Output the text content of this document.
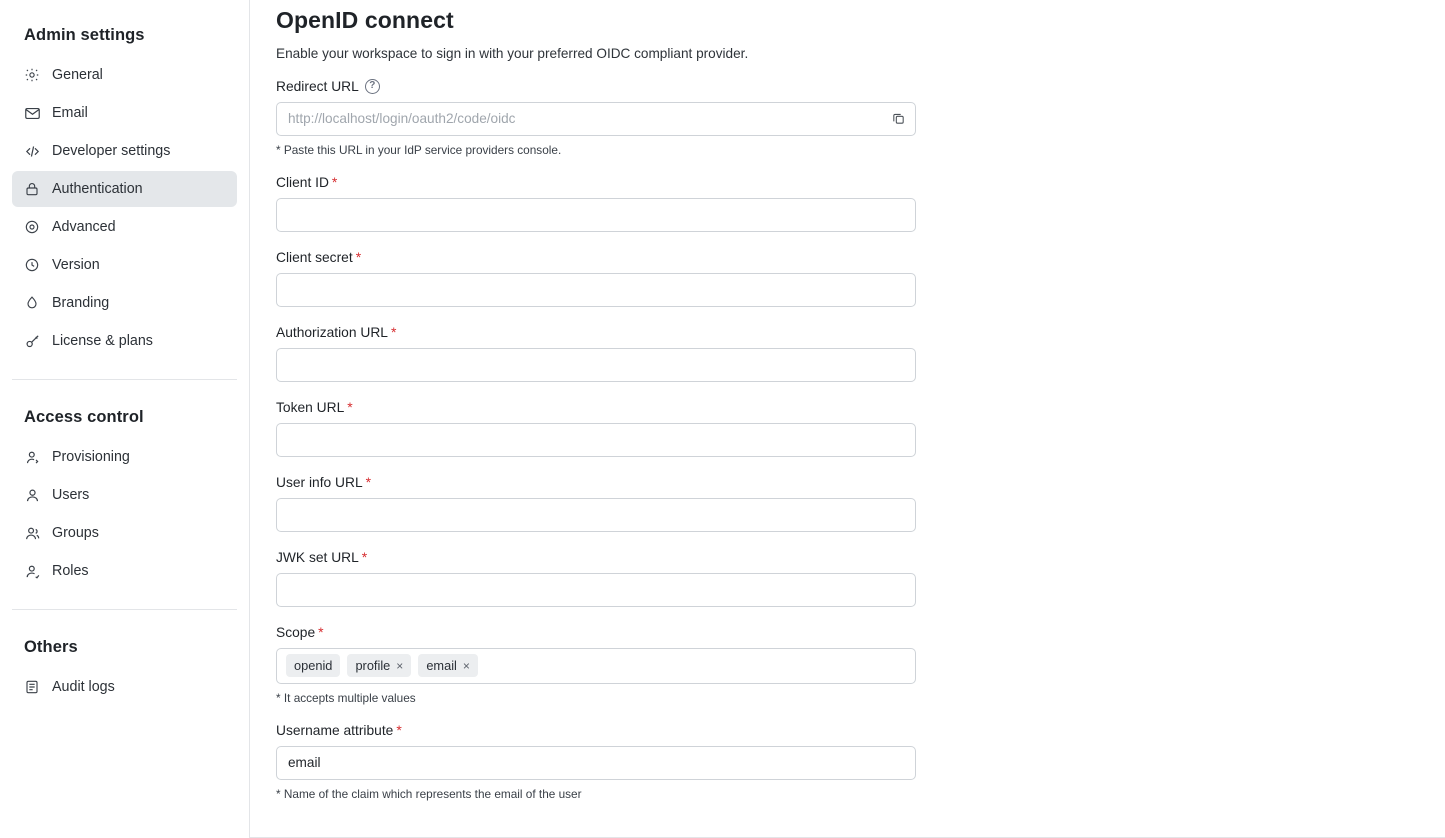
Admin settings
General
Email
Developer settings
Authentication
Advanced
Version
Branding
License & plans
Access control
Provisioning
Users
Groups
Roles
Others
Audit logs
OpenID connect
Enable your workspace to sign in with your preferred OIDC compliant provider.
Redirect URL	?
http://localhost/login/oauth2/code/oidc
* Paste this URL in your IdP service providers console.
Client ID *
Client secret *
Authorization URL *
Token URL *
User info URL *
JWK set URL *
Scope *
openid profile × email ×
* It accepts multiple values
Username attribute *
email
* Name of the claim which represents the email of the user
